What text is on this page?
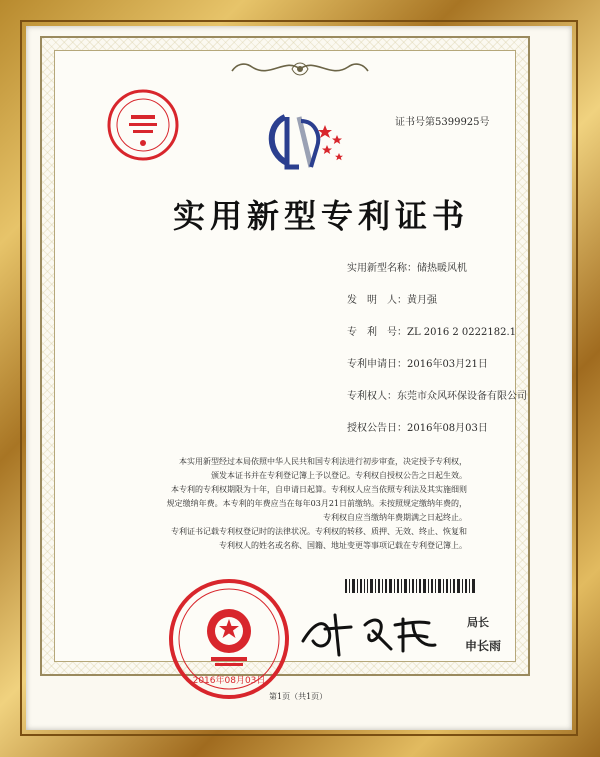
证书号第5399925号
实用新型专利证书
实用新型名称：储热暖风机
发　明　人：黄月强
专　利　号：ZL 2016 2 0222182.1
专利申请日：2016年03月21日
专利权人：东莞市众风环保设备有限公司
授权公告日：2016年08月03日

本实用新型经过本局依照中华人民共和国专利法进行初步审查，决定授予专利权，

颁发本证书并在专利登记簿上予以登记。专利权自授权公告之日起生效。

本专利的专利权期限为十年，自申请日起算。专利权人应当依照专利法及其实施细则

规定缴纳年费。本专利的年费应当在每年03月21日前缴纳。未按照规定缴纳年费的，

专利权自应当缴纳年费期满之日起终止。

专利证书记载专利权登记时的法律状况。专利权的转移、质押、无效、终止、恢复和

专利权人的姓名或名称、国籍、地址变更等事项记载在专利登记簿上。

局长
申长雨
2016年08月03日
第1页（共1页）
